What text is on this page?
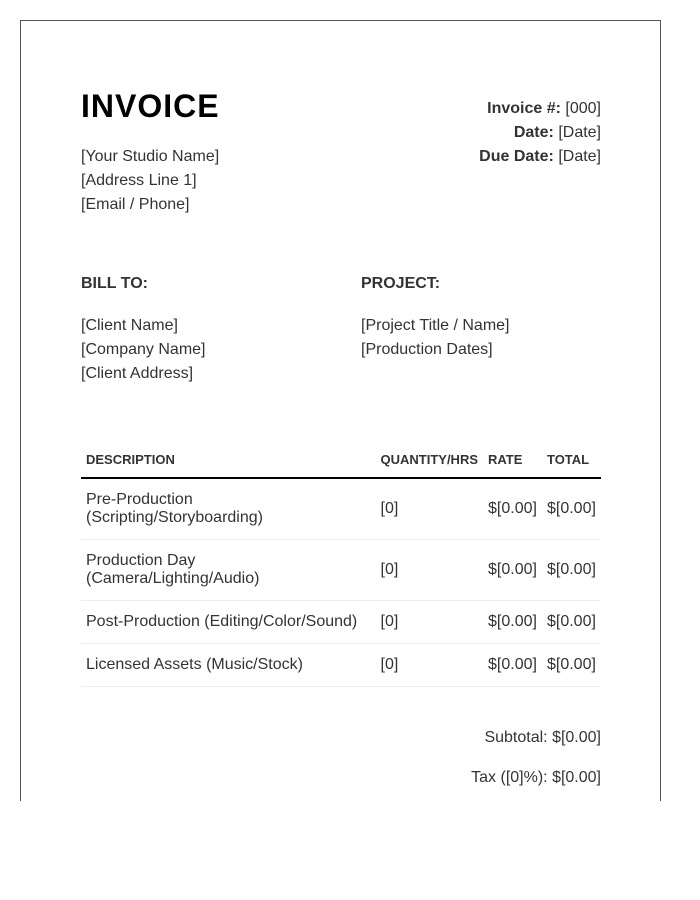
INVOICE
[Your Studio Name]
[Address Line 1]
[Email / Phone]
Invoice #: [000]
Date: [Date]
Due Date: [Date]
BILL TO:
[Client Name]
[Company Name]
[Client Address]
PROJECT:
[Project Title / Name]
[Production Dates]
DESCRIPTION	QUANTITY/HRS	RATE	TOTAL
Pre-Production (Scripting/Storyboarding)	[0]	$[0.00]	$[0.00]
Production Day (Camera/Lighting/Audio)	[0]	$[0.00]	$[0.00]
Post-Production (Editing/Color/Sound)	[0]	$[0.00]	$[0.00]
Licensed Assets (Music/Stock)	[0]	$[0.00]	$[0.00]
Subtotal: $[0.00]
Tax ([0]%): $[0.00]
